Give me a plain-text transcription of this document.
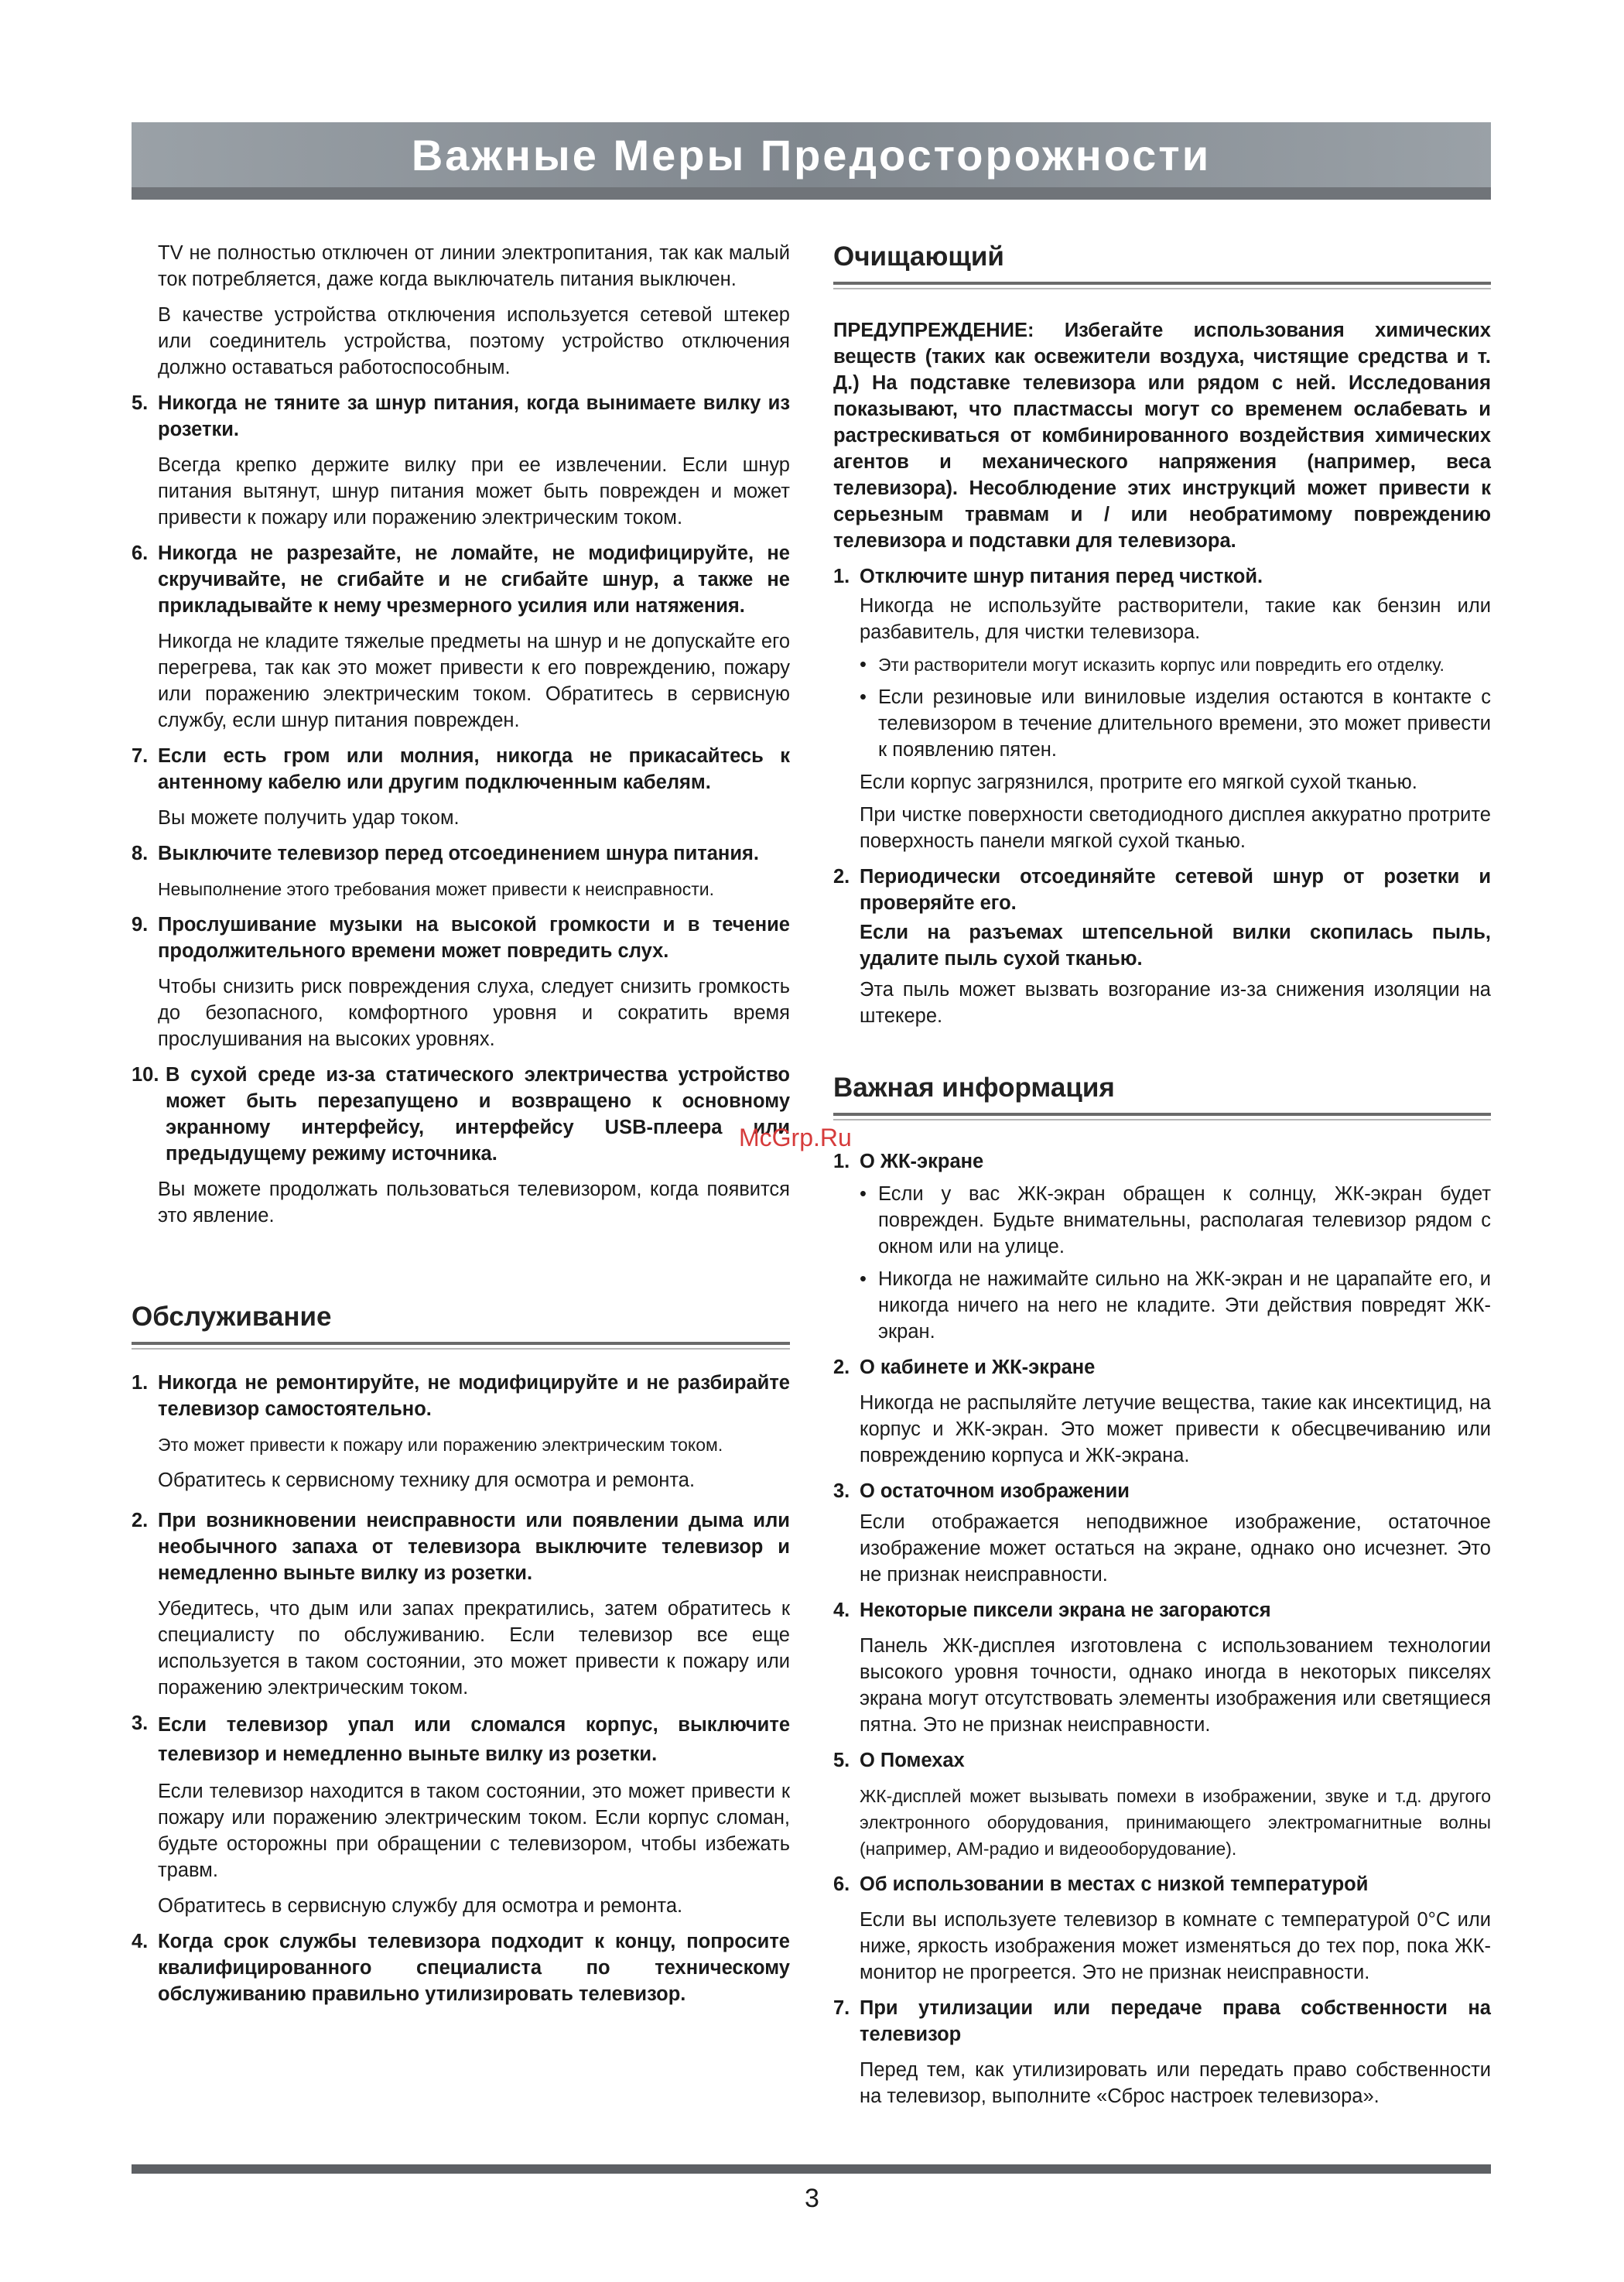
Важные Меры Предосторожности

TV не полностью отключен от линии электропитания, так как малый ток потребляется, даже когда выключатель питания выключен.

В качестве устройства отключения используется сетевой штекер или соединитель устройства, поэтому устройство отключения должно оставаться работоспособным.

5. Никогда не тяните за шнур питания, когда вынимаете вилку из розетки.

Всегда крепко держите вилку при ее извлечении. Если шнур питания вытянут, шнур питания может быть поврежден и может привести к пожару или поражению электрическим током.

6. Никогда не разрезайте, не ломайте, не модифицируйте, не скручивайте, не сгибайте и не сгибайте шнур, а также не прикладывайте к нему чрезмерного усилия или натяжения.

Никогда не кладите тяжелые предметы на шнур и не допускайте его перегрева, так как это может привести к его повреждению, пожару или поражению электрическим током. Обратитесь в сервисную службу, если шнур питания поврежден.

7. Если есть гром или молния, никогда не прикасайтесь к антенному кабелю или другим подключенным кабелям.

Вы можете получить удар током.

8. Выключите телевизор перед отсоединением шнура питания.

Невыполнение этого требования может привести к неисправности.

9. Прослушивание музыки на высокой громкости и в течение продолжительного времени может повредить слух.

Чтобы снизить риск повреждения слуха, следует снизить громкость до безопасного, комфортного уровня и сократить время прослушивания на высоких уровнях.

10. В сухой среде из-за статического электричества устройство может быть перезапущено и возвращено к основному экранному интерфейсу, интерфейсу USB-плеера или предыдущему режиму источника.

Вы можете продолжать пользоваться телевизором, когда появится это явление.

Обслуживание
1. Никогда не ремонтируйте, не модифицируйте и не разбирайте телевизор самостоятельно.

Это может привести к пожару или поражению электрическим током.

Обратитесь к сервисному технику для осмотра и ремонта.

2. При возникновении неисправности или появлении дыма или необычного запаха от телевизора выключите телевизор и немедленно выньте вилку из розетки.

Убедитесь, что дым или запах прекратились, затем обратитесь к специалисту по обслуживанию. Если телевизор все еще используется в таком состоянии, это может привести к пожару или поражению электрическим током.

3. Если телевизор упал или сломался корпус, выключите телевизор и немедленно выньте вилку из розетки.

Если телевизор находится в таком состоянии, это может привести к пожару или поражению электрическим током. Если корпус сломан, будьте осторожны при обращении с телевизором, чтобы избежать травм.

Обратитесь в сервисную службу для осмотра и ремонта.

4. Когда срок службы телевизора подходит к концу, попросите квалифицированного специалиста по техническому обслуживанию правильно утилизировать телевизор.
Очищающий

ПРЕДУПРЕЖДЕНИЕ: Избегайте использования химических веществ (таких как освежители воздуха, чистящие средства и т. Д.) На подставке телевизора или рядом с ней. Исследования показывают, что пластмассы могут со временем ослабевать и растрескиваться от комбинированного воздействия химических агентов и механического напряжения (например, веса телевизора). Несоблюдение этих инструкций может привести к серьезным травмам и / или необратимому повреждению телевизора и подставки для телевизора.

1. Отключите шнур питания перед чисткой.

Никогда не используйте растворители, такие как бензин или разбавитель, для чистки телевизора.

• Эти растворители могут исказить корпус или повредить его отделку.
• Если резиновые или виниловые изделия остаются в контакте с телевизором в течение длительного времени, это может привести к появлению пятен.

Если корпус загрязнился, протрите его мягкой сухой тканью.

При чистке поверхности светодиодного дисплея аккуратно протрите поверхность панели мягкой сухой тканью.

2. Периодически отсоединяйте сетевой шнур от розетки и проверяйте его.

Если на разъемах штепсельной вилки скопилась пыль, удалите пыль сухой тканью.

Эта пыль может вызвать возгорание из-за снижения изоляции на штекере.

Важная информация
1. О ЖК-экране
• Если у вас ЖК-экран обращен к солнцу, ЖК-экран будет поврежден. Будьте внимательны, располагая телевизор рядом с окном или на улице.
• Никогда не нажимайте сильно на ЖК-экран и не царапайте его, и никогда ничего на него не кладите. Эти действия повредят ЖК-экран.
2. О кабинете и ЖК-экране

Никогда не распыляйте летучие вещества, такие как инсектицид, на корпус и ЖК-экран. Это может привести к обесцвечиванию или повреждению корпуса и ЖК-экрана.

3. О остаточном изображении

Если отображается неподвижное изображение, остаточное изображение может остаться на экране, однако оно исчезнет. Это не признак неисправности.

4. Некоторые пиксели экрана не загораются

Панель ЖК-дисплея изготовлена с использованием технологии высокого уровня точности, однако иногда в некоторых пикселях экрана могут отсутствовать элементы изображения или светящиеся пятна. Это не признак неисправности.

5. О Помехах

ЖК-дисплей может вызывать помехи в изображении, звуке и т.д. другого электронного оборудования, принимающего электромагнитные волны (например, AM-радио и видеооборудование).

6. Об использовании в местах с низкой температурой

Если вы используете телевизор в комнате с температурой 0°C или ниже, яркость изображения может изменяться до тех пор, пока ЖК-монитор не прогреется. Это не признак неисправности.

7. При утилизации или передаче права собственности на телевизор

Перед тем, как утилизировать или передать право собственности на телевизор, выполните «Сброс настроек телевизора».

McGrp.Ru
3
